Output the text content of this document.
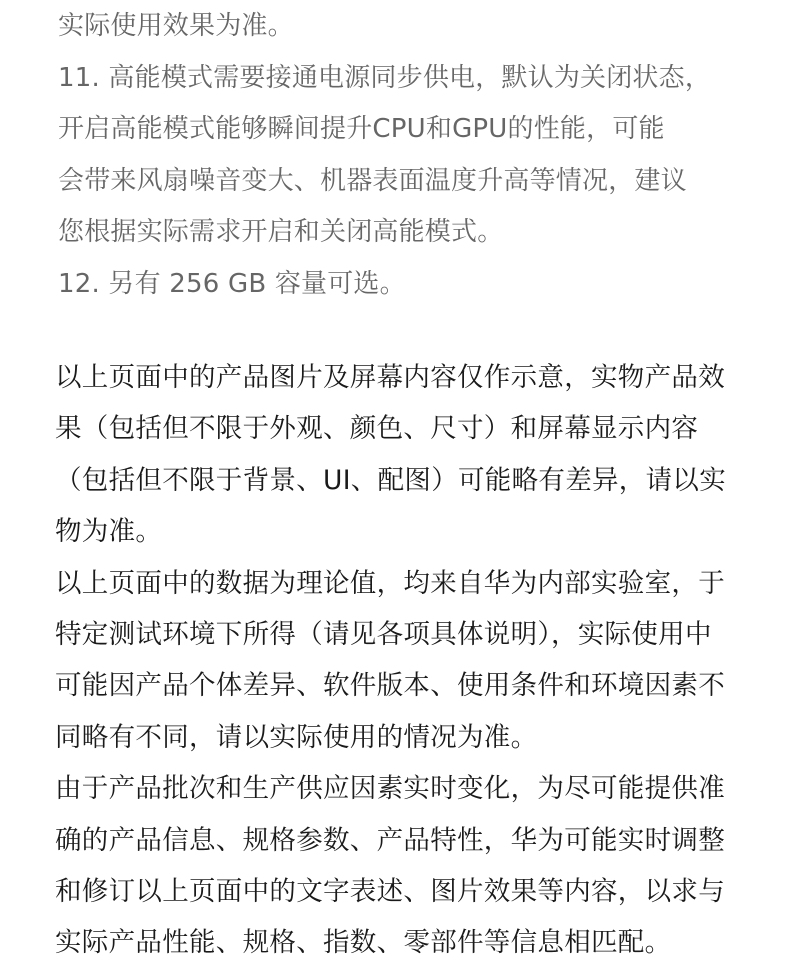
实际使用效果为准。
11. 高能模式需要接通电源同步供电，默认为关闭状态，
开启高能模式能够瞬间提升CPU和GPU的性能，可能
会带来风扇噪音变大、机器表面温度升高等情况，建议
您根据实际需求开启和关闭高能模式。
12. 另有 256 GB 容量可选。
以上页面中的产品图片及屏幕内容仅作示意，实物产品效
果（包括但不限于外观、颜色、尺寸）和屏幕显示内容
（包括但不限于背景、UI、配图）可能略有差异，请以实
物为准。
以上页面中的数据为理论值，均来自华为内部实验室，于
特定测试环境下所得（请见各项具体说明），实际使用中
可能因产品个体差异、软件版本、使用条件和环境因素不
同略有不同，请以实际使用的情况为准。
由于产品批次和生产供应因素实时变化，为尽可能提供准
确的产品信息、规格参数、产品特性，华为可能实时调整
和修订以上页面中的文字表述、图片效果等内容，以求与
实际产品性能、规格、指数、零部件等信息相匹配。
